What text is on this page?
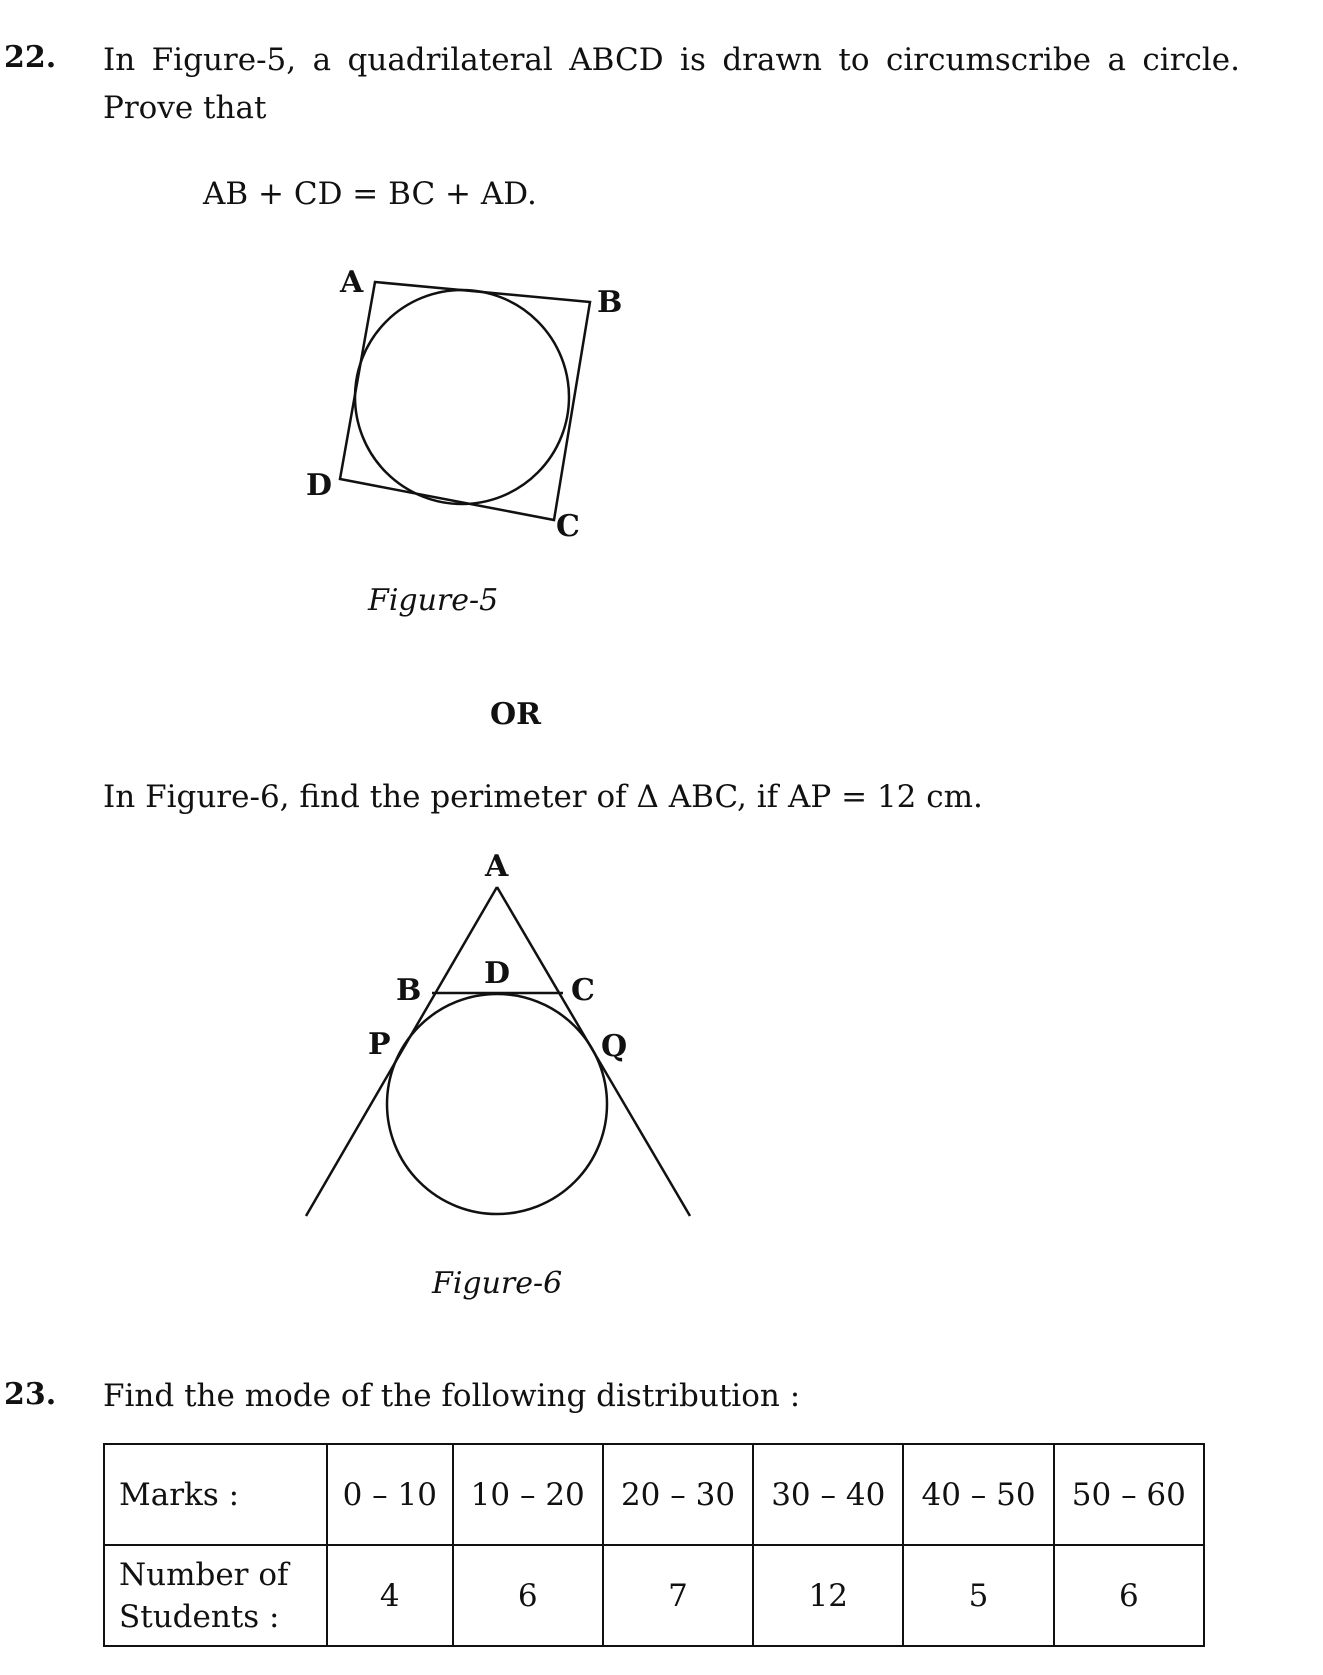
22. In Figure-5, a quadrilateral ABCD is drawn to circumscribe a circle.
Prove that
AB + CD = BC + AD.
A
B
C
D
Figure-5
OR
In Figure-6, find the perimeter of Δ ABC, if AP = 12 cm.
A
B D C
P	Q
Figure-6
23. Find the mode of the following distribution :
Marks :	0 – 10	10 – 20	20 – 30	30 – 40	40 – 50	50 – 60
Number of
Students :	4	6	7	12	5	6
